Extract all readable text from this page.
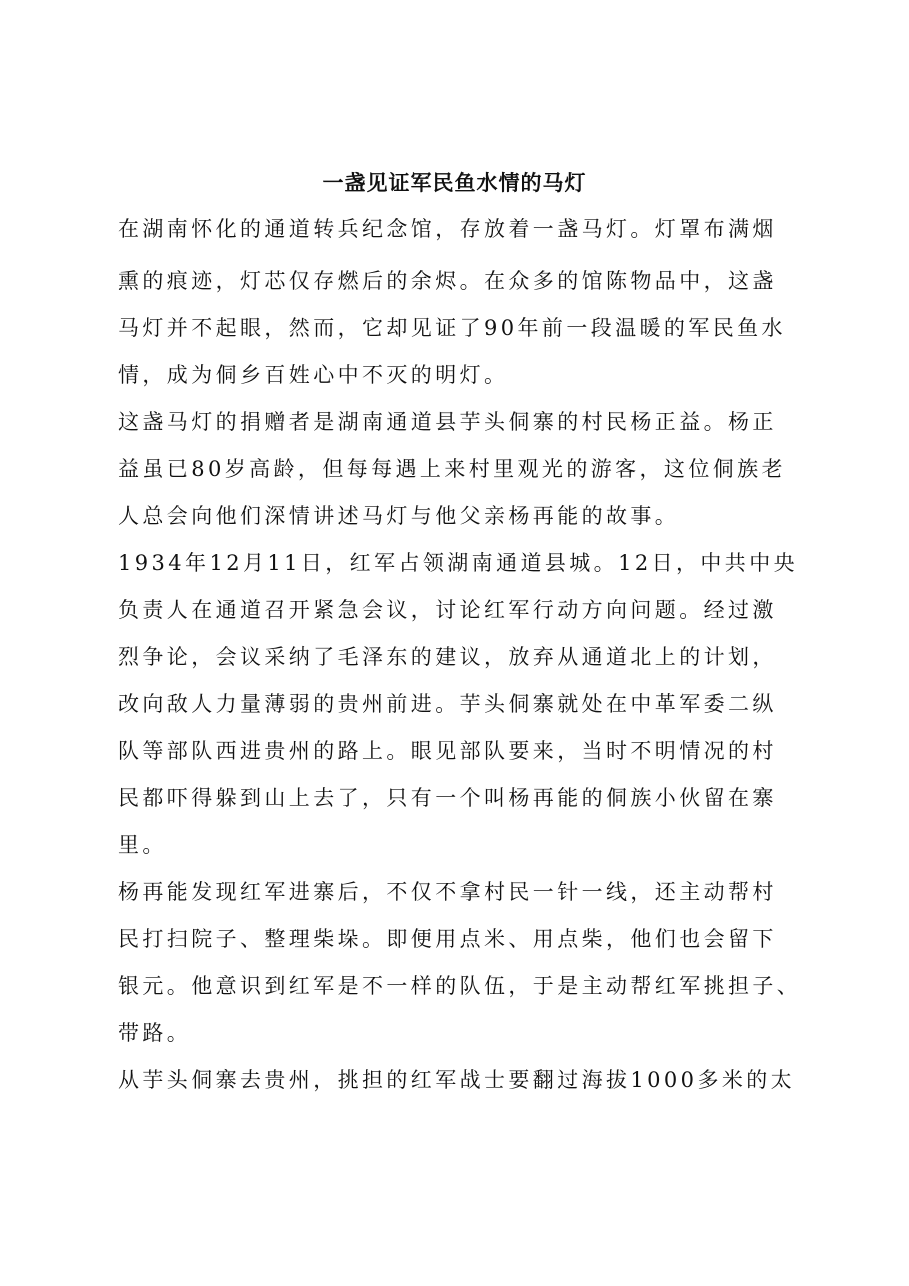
一盏见证军民鱼水情的马灯
在湖南怀化的通道转兵纪念馆，存放着一盏马灯。灯罩布满烟
熏的痕迹，灯芯仅存燃后的余烬。在众多的馆陈物品中，这盏
马灯并不起眼，然而，它却见证了90年前一段温暖的军民鱼水
情，成为侗乡百姓心中不灭的明灯。
这盏马灯的捐赠者是湖南通道县芋头侗寨的村民杨正益。杨正
益虽已80岁高龄，但每每遇上来村里观光的游客，这位侗族老
人总会向他们深情讲述马灯与他父亲杨再能的故事。
1934年12月11日，红军占领湖南通道县城。12日，中共中央
负责人在通道召开紧急会议，讨论红军行动方向问题。经过激
烈争论，会议采纳了毛泽东的建议，放弃从通道北上的计划，
改向敌人力量薄弱的贵州前进。芋头侗寨就处在中革军委二纵
队等部队西进贵州的路上。眼见部队要来，当时不明情况的村
民都吓得躲到山上去了，只有一个叫杨再能的侗族小伙留在寨
里。
杨再能发现红军进寨后，不仅不拿村民一针一线，还主动帮村
民打扫院子、整理柴垛。即便用点米、用点柴，他们也会留下
银元。他意识到红军是不一样的队伍，于是主动帮红军挑担子、
带路。
从芋头侗寨去贵州，挑担的红军战士要翻过海拔1000多米的太
